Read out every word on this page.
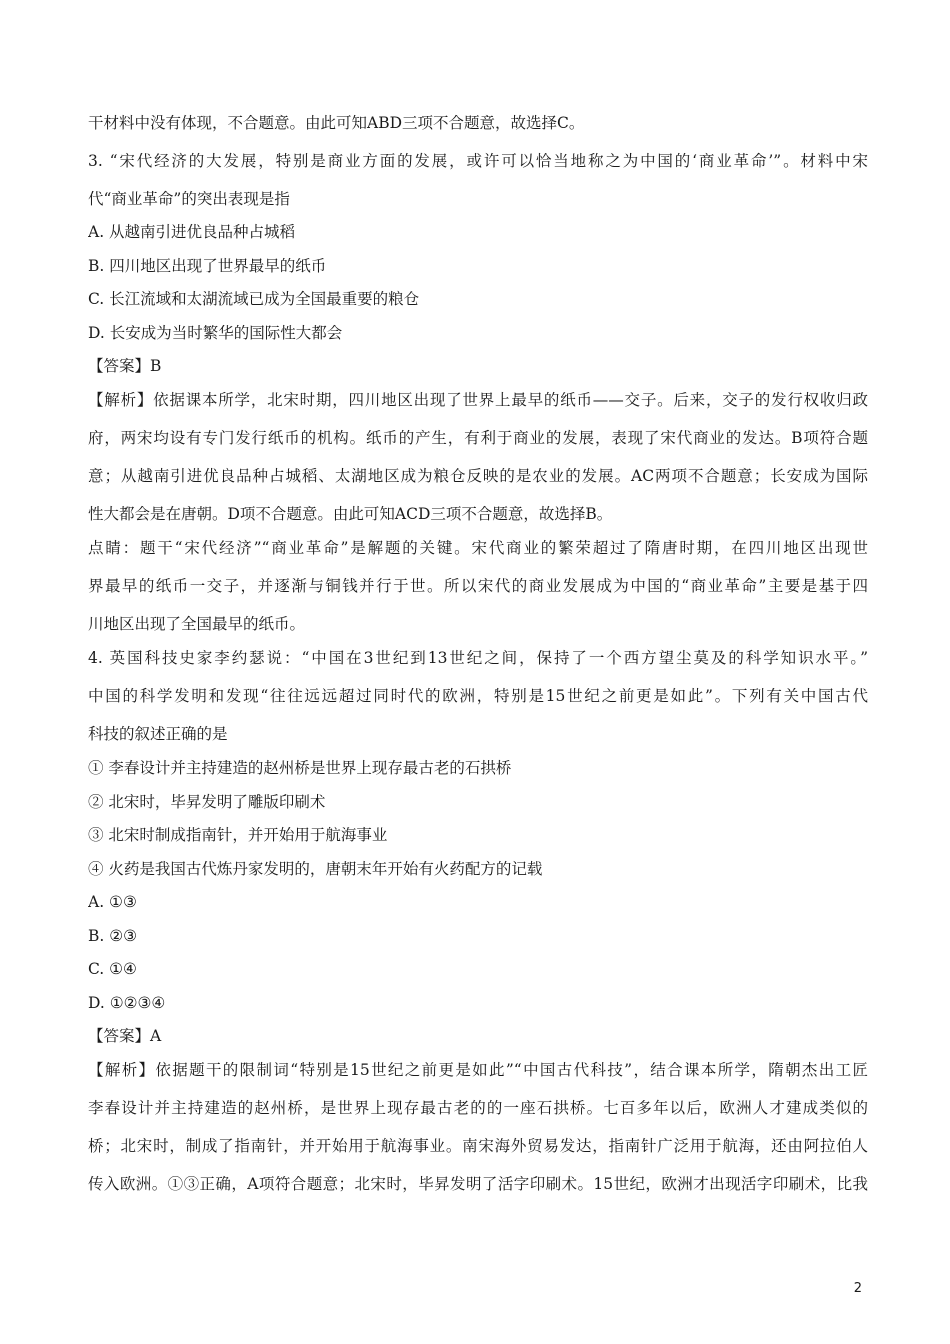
干材料中没有体现，不合题意。由此可知ABD三项不合题意，故选择C。
3. “宋代经济的大发展，特别是商业方面的发展，或许可以恰当地称之为中国的‘商业革命’”。材料中宋
代“商业革命”的突出表现是指
A. 从越南引进优良品种占城稻
B. 四川地区出现了世界最早的纸币
C. 长江流域和太湖流域已成为全国最重要的粮仓
D. 长安成为当时繁华的国际性大都会
【答案】B
【解析】依据课本所学，北宋时期，四川地区出现了世界上最早的纸币——交子。后来，交子的发行权收归政
府，两宋均设有专门发行纸币的机构。纸币的产生，有利于商业的发展，表现了宋代商业的发达。B项符合题
意；从越南引进优良品种占城稻、太湖地区成为粮仓反映的是农业的发展。AC两项不合题意；长安成为国际
性大都会是在唐朝。D项不合题意。由此可知ACD三项不合题意，故选择B。
点睛：题干“宋代经济”“商业革命”是解题的关键。宋代商业的繁荣超过了隋唐时期，在四川地区出现世
界最早的纸币一交子，并逐渐与铜钱并行于世。所以宋代的商业发展成为中国的“商业革命”主要是基于四
川地区出现了全国最早的纸币。
4. 英国科技史家李约瑟说：“中国在3世纪到13世纪之间，保持了一个西方望尘莫及的科学知识水平。”
中国的科学发明和发现“往往远远超过同时代的欧洲，特别是15世纪之前更是如此”。下列有关中国古代
科技的叙述正确的是
① 李春设计并主持建造的赵州桥是世界上现存最古老的石拱桥
② 北宋时，毕昇发明了雕版印刷术
③ 北宋时制成指南针，并开始用于航海事业
④ 火药是我国古代炼丹家发明的，唐朝末年开始有火药配方的记载
A. ①③
B. ②③
C. ①④
D. ①②③④
【答案】A
【解析】依据题干的限制词“特别是15世纪之前更是如此”“中国古代科技”，结合课本所学，隋朝杰出工匠
李春设计并主持建造的赵州桥，是世界上现存最古老的的一座石拱桥。七百多年以后，欧洲人才建成类似的
桥；北宋时，制成了指南针，并开始用于航海事业。南宋海外贸易发达，指南针广泛用于航海，还由阿拉伯人
传入欧洲。①③正确，A项符合题意；北宋时，毕昇发明了活字印刷术。15世纪，欧洲才出现活字印刷术，比我
2
